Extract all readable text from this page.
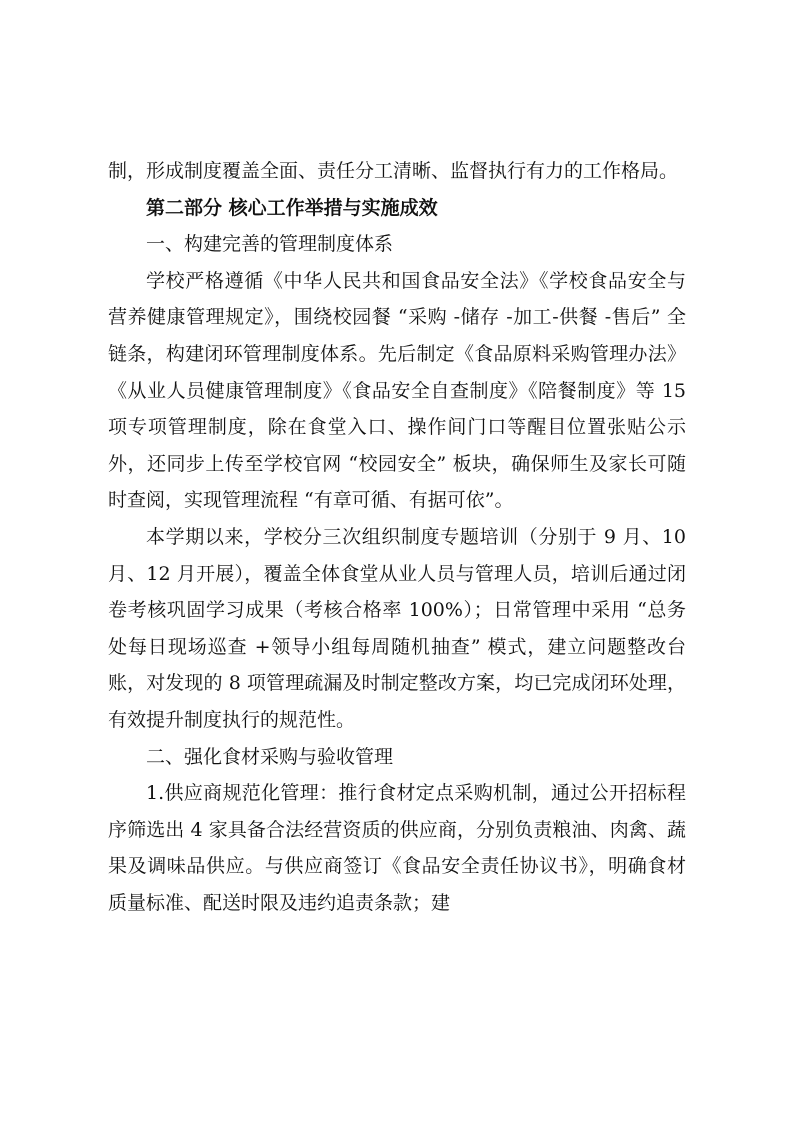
制，形成制度覆盖全面、责任分工清晰、监督执行有力的工作格局。

第二部分 核心工作举措与实施成效

一、构建完善的管理制度体系

学校严格遵循《中华人民共和国食品安全法》《学校食品安全与营养健康管理规定》，围绕校园餐 “采购 -储存 -加工-供餐 -售后” 全链条，构建闭环管理制度体系。先后制定《食品原料采购管理办法》《从业人员健康管理制度》《食品安全自查制度》《陪餐制度》等 15 项专项管理制度，除在食堂入口、操作间门口等醒目位置张贴公示外，还同步上传至学校官网 “校园安全” 板块，确保师生及家长可随时查阅，实现管理流程 “有章可循、有据可依”。

本学期以来，学校分三次组织制度专题培训（分别于 9 月、10 月、12 月开展），覆盖全体食堂从业人员与管理人员，培训后通过闭卷考核巩固学习成果（考核合格率 100%）；日常管理中采用 “总务处每日现场巡查 +领导小组每周随机抽查” 模式，建立问题整改台账，对发现的 8 项管理疏漏及时制定整改方案，均已完成闭环处理，有效提升制度执行的规范性。

二、强化食材采购与验收管理

1.供应商规范化管理：推行食材定点采购机制，通过公开招标程序筛选出 4 家具备合法经营资质的供应商，分别负责粮油、肉禽、蔬果及调味品供应。与供应商签订《食品安全责任协议书》，明确食材质量标准、配送时限及违约追责条款；建
